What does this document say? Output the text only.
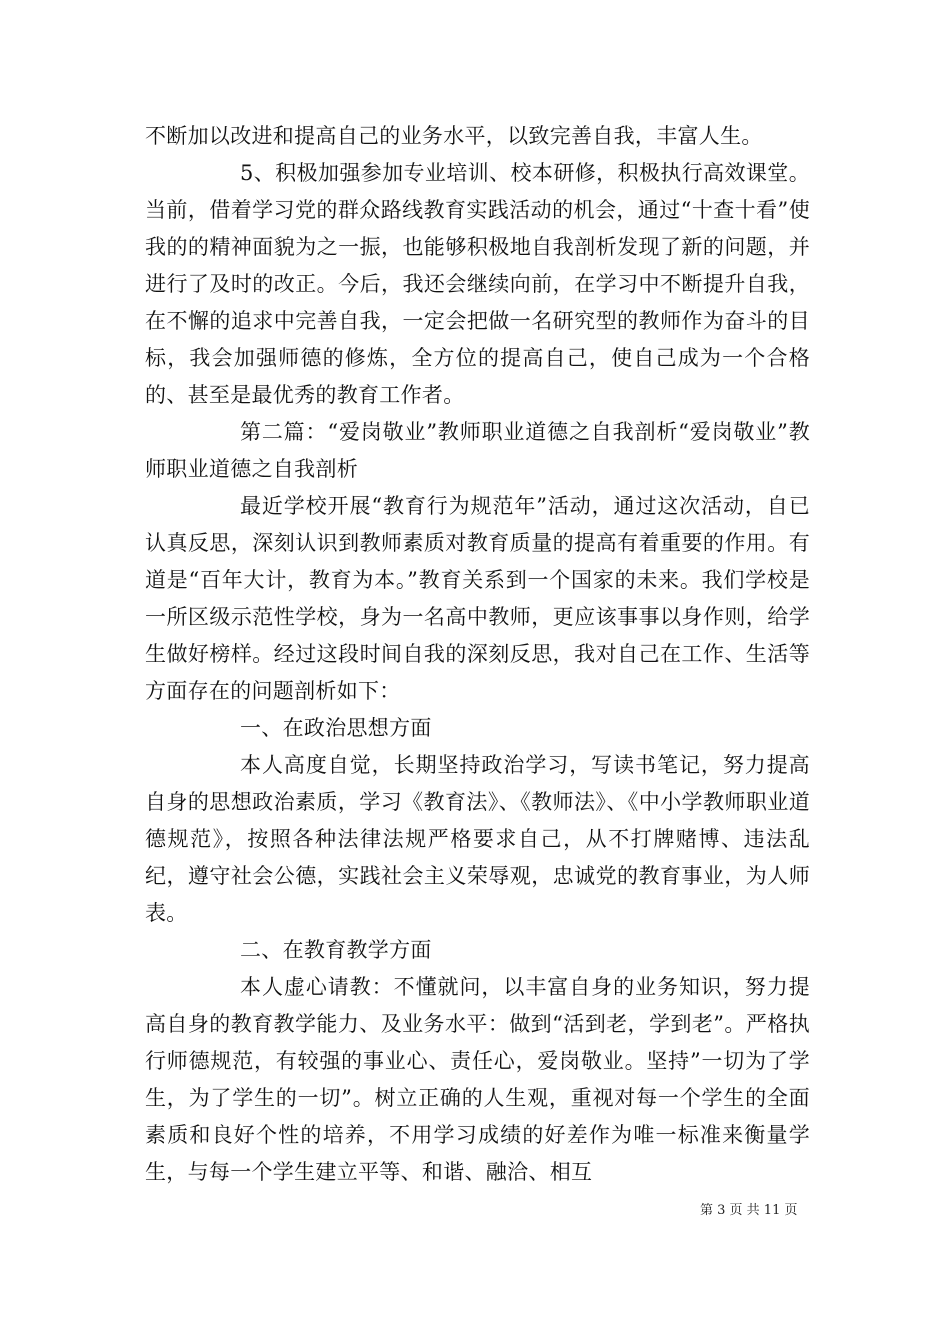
不断加以改进和提高自己的业务水平，以致完善自我，丰富人生。

5、积极加强参加专业培训、校本研修，积极执行高效课堂。当前，借着学习党的群众路线教育实践活动的机会，通过“十查十看”使我的的精神面貌为之一振，也能够积极地自我剖析发现了新的问题，并进行了及时的改正。今后，我还会继续向前，在学习中不断提升自我，在不懈的追求中完善自我，一定会把做一名研究型的教师作为奋斗的目标，我会加强师德的修炼，全方位的提高自己，使自己成为一个合格的、甚至是最优秀的教育工作者。

第二篇：“爱岗敬业”教师职业道德之自我剖析“爱岗敬业”教师职业道德之自我剖析

最近学校开展“教育行为规范年”活动，通过这次活动，自已认真反思，深刻认识到教师素质对教育质量的提高有着重要的作用。有道是“百年大计，教育为本。”教育关系到一个国家的未来。我们学校是一所区级示范性学校，身为一名高中教师，更应该事事以身作则，给学生做好榜样。经过这段时间自我的深刻反思，我对自己在工作、生活等方面存在的问题剖析如下：

一、在政治思想方面

本人高度自觉，长期坚持政治学习，写读书笔记，努力提高自身的思想政治素质，学习《教育法》、《教师法》、《中小学教师职业道德规范》，按照各种法律法规严格要求自己，从不打牌赌博、违法乱纪，遵守社会公德，实践社会主义荣辱观，忠诚党的教育事业，为人师表。

二、在教育教学方面

本人虚心请教：不懂就问，以丰富自身的业务知识，努力提高自身的教育教学能力、及业务水平：做到“活到老，学到老”。严格执行师德规范，有较强的事业心、责任心，爱岗敬业。坚持”一切为了学生，为了学生的一切”。树立正确的人生观，重视对每一个学生的全面素质和良好个性的培养，不用学习成绩的好差作为唯一标准来衡量学生，与每一个学生建立平等、和谐、融洽、相互

第 3 页 共 11 页
